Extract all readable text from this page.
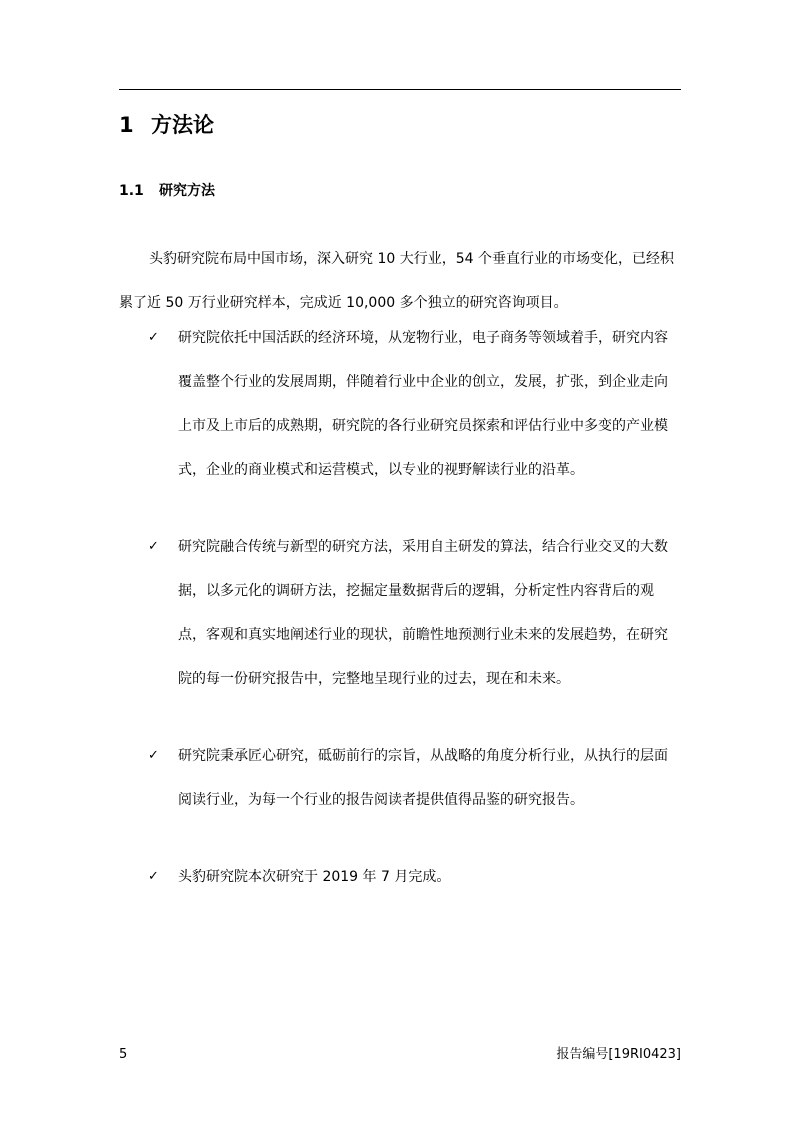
1 方法论
1.1 研究方法

头豹研究院布局中国市场，深入研究 10 大行业，54 个垂直行业的市场变化，已经积累了近 50 万行业研究样本，完成近 10,000 多个独立的研究咨询项目。

✓	研究院依托中国活跃的经济环境，从宠物行业，电子商务等领域着手，研究内容覆盖整个行业的发展周期，伴随着行业中企业的创立，发展，扩张，到企业走向上市及上市后的成熟期，研究院的各行业研究员探索和评估行业中多变的产业模式，企业的商业模式和运营模式，以专业的视野解读行业的沿革。
✓	研究院融合传统与新型的研究方法，采用自主研发的算法，结合行业交叉的大数据，以多元化的调研方法，挖掘定量数据背后的逻辑，分析定性内容背后的观点，客观和真实地阐述行业的现状，前瞻性地预测行业未来的发展趋势，在研究院的每一份研究报告中，完整地呈现行业的过去，现在和未来。
✓	研究院秉承匠心研究，砥砺前行的宗旨，从战略的角度分析行业，从执行的层面阅读行业，为每一个行业的报告阅读者提供值得品鉴的研究报告。
✓	头豹研究院本次研究于 2019 年 7 月完成。
5	报告编号[19RI0423]
